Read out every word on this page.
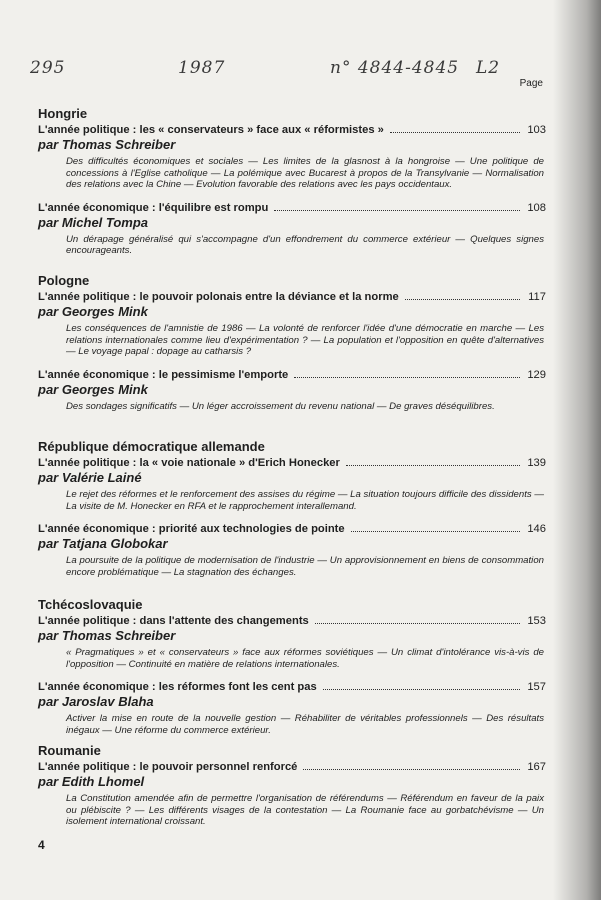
295	1987	n° 4844-4845 L2
Page
Hongrie
L'année politique : les « conservateurs » face aux « réformistes »	103
par Thomas Schreiber
Des difficultés économiques et sociales — Les limites de la glasnost à la hongroise — Une politique de concessions à l'Eglise catholique — La polémique avec Bucarest à propos de la Transylvanie — Normalisation des relations avec la Chine — Evolution favorable des relations avec les pays occidentaux.
L'année économique : l'équilibre est rompu	108
par Michel Tompa
Un dérapage généralisé qui s'accompagne d'un effondrement du commerce extérieur — Quelques signes encourageants.
Pologne
L'année politique : le pouvoir polonais entre la déviance et la norme	117
par Georges Mink
Les conséquences de l'amnistie de 1986 — La volonté de renforcer l'idée d'une démocratie en marche — Les relations internationales comme lieu d'expérimentation ? — La population et l'opposition en quête d'alternatives — Le voyage papal : dopage au catharsis ?
L'année économique : le pessimisme l'emporte	129
par Georges Mink
Des sondages significatifs — Un léger accroissement du revenu national — De graves déséquilibres.
République démocratique allemande
L'année politique : la « voie nationale » d'Erich Honecker	139
par Valérie Lainé
Le rejet des réformes et le renforcement des assises du régime — La situation toujours difficile des dissidents — La visite de M. Honecker en RFA et le rapprochement interallemand.
L'année économique : priorité aux technologies de pointe	146
par Tatjana Globokar
La poursuite de la politique de modernisation de l'industrie — Un approvisionnement en biens de consommation encore problématique — La stagnation des échanges.
Tchécoslovaquie
L'année politique : dans l'attente des changements	153
par Thomas Schreiber
« Pragmatiques » et « conservateurs » face aux réformes soviétiques — Un climat d'intolérance vis-à-vis de l'opposition — Continuité en matière de relations internationales.
L'année économique : les réformes font les cent pas	157
par Jaroslav Blaha
Activer la mise en route de la nouvelle gestion — Réhabiliter de véritables professionnels — Des résultats inégaux — Une réforme du commerce extérieur.
Roumanie
L'année politique : le pouvoir personnel renforcé	167
par Edith Lhomel
La Constitution amendée afin de permettre l'organisation de référendums — Référendum en faveur de la paix ou plébiscite ? — Les différents visages de la contestation — La Roumanie face au gorbatchévisme — Un isolement international croissant.
4
